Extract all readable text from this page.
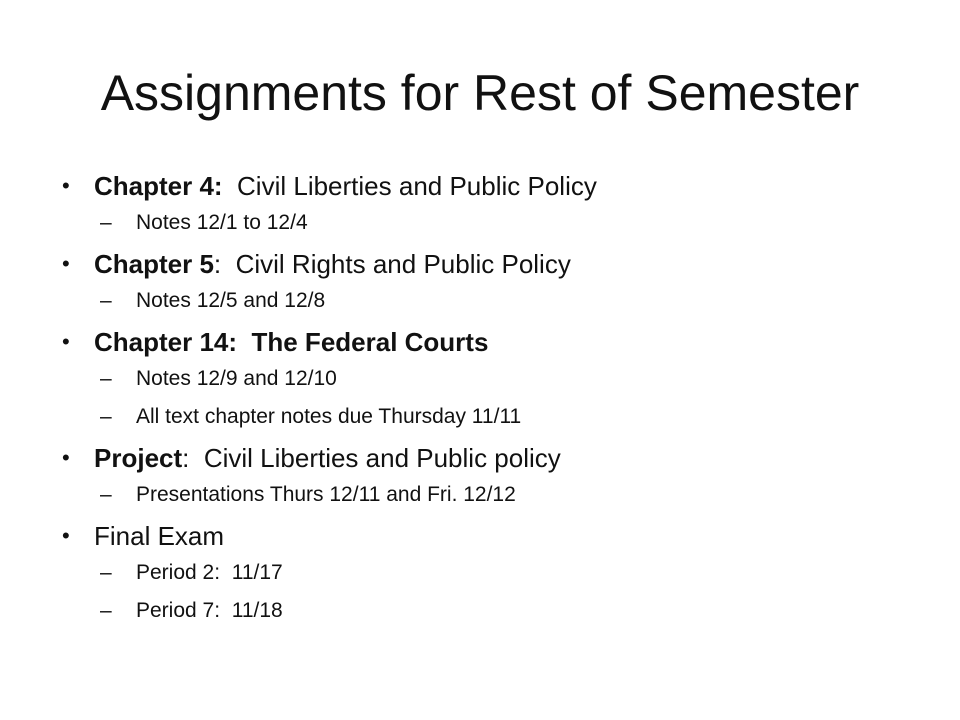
Assignments for Rest of Semester
• Chapter 4:  Civil Liberties and Public Policy
– Notes 12/1 to 12/4
• Chapter 5:  Civil Rights and Public Policy
– Notes 12/5 and 12/8
• Chapter 14:  The Federal Courts
– Notes 12/9 and 12/10
– All text chapter notes due Thursday 11/11
• Project:  Civil Liberties and Public policy
– Presentations Thurs 12/11 and Fri. 12/12
• Final Exam
– Period 2:  11/17
– Period 7:  11/18
